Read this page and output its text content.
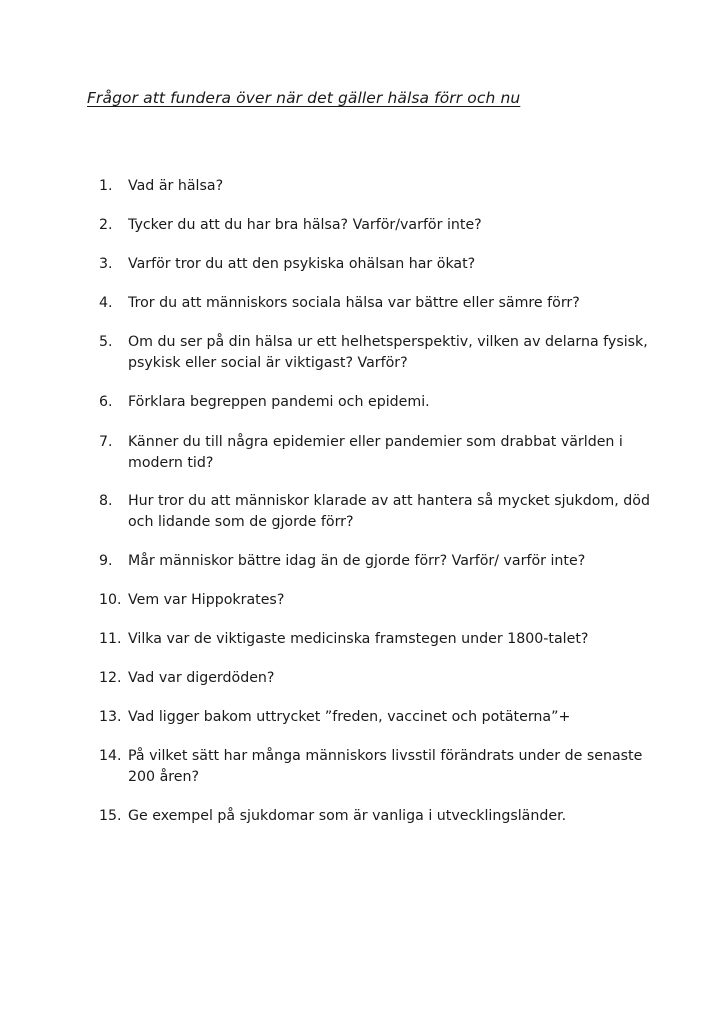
Frågor att fundera över när det gäller hälsa förr och nu
1.	Vad är hälsa?
2.	Tycker du att du har bra hälsa? Varför/varför inte?
3.	Varför tror du att den psykiska ohälsan har ökat?
4.	Tror du att människors sociala hälsa var bättre eller sämre förr?
5.	Om du ser på din hälsa ur ett helhetsperspektiv, vilken av delarna fysisk, psykisk eller social är viktigast? Varför?
6.	Förklara begreppen pandemi och epidemi.
7.	Känner du till några epidemier eller pandemier som drabbat världen i modern tid?
8.	Hur tror du att människor klarade av att hantera så mycket sjukdom, död och lidande som de gjorde förr?
9.	Mår människor bättre idag än de gjorde förr? Varför/ varför inte?
10. Vem var Hippokrates?
11. Vilka var de viktigaste medicinska framstegen under 1800-talet?
12. Vad var digerdöden?
13. Vad ligger bakom uttrycket ”freden, vaccinet och potäterna”+
14. På vilket sätt har många människors livsstil förändrats under de senaste 200 åren?
15. Ge exempel på sjukdomar som är vanliga i utvecklingsländer.
